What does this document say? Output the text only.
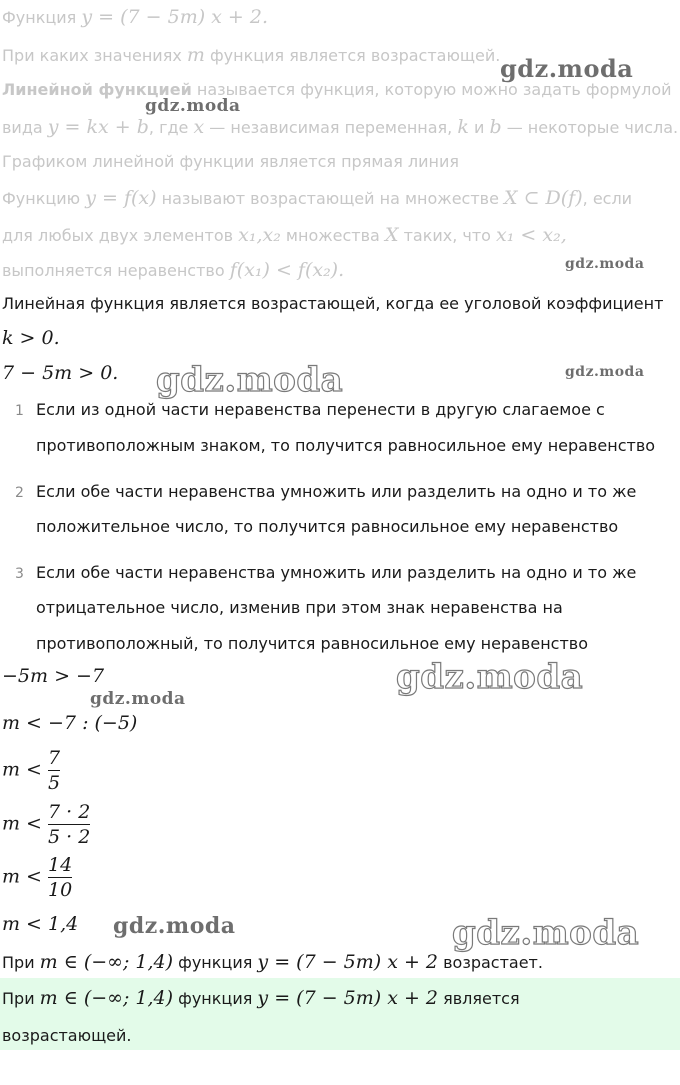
Функция y = (7 − 5m) x + 2.
При каких значениях m функция является возрастающей.
Линейной функцией называется функция, которую можно задать формулой
вида y = kx + b, где x — независимая переменная, k и b — некоторые числа.
Графиком линейной функции является прямая линия
Функцию y = f(x) называют возрастающей на множестве X ⊂ D(f), если
для любых двух элементов x₁,x₂ множества X таких, что x₁ < x₂,
выполняется неравенство f(x₁) < f(x₂).
Линейная функция является возрастающей, когда ее уголовой коэффициент
k > 0.
7 − 5m > 0.
1 Если из одной части неравенства перенести в другую слагаемое с
противоположным знаком, то получится равносильное ему неравенство
2 Если обе части неравенства умножить или разделить на одно и то же
положительное число, то получится равносильное ему неравенство
3 Если обе части неравенства умножить или разделить на одно и то же
отрицательное число, изменив при этом знак неравенства на
противоположный, то получится равносильное ему неравенство
−5m > −7
m < −7 : (−5)
$m < \frac{7}{5}$
$m < \frac{7 \cdot 2}{5 \cdot 2}$
$m < \frac{14}{10}$
m < 1,4
При m ∈ (−∞; 1,4) функция y = (7 − 5m) x + 2 возрастает.
При m ∈ (−∞; 1,4) функция y = (7 − 5m) x + 2 является
возрастающей.
gdz.moda
gdz.moda
gdz.moda
gdz.moda
gdz.moda
gdz.moda
gdz.moda
gdz.moda	gdz.moda
